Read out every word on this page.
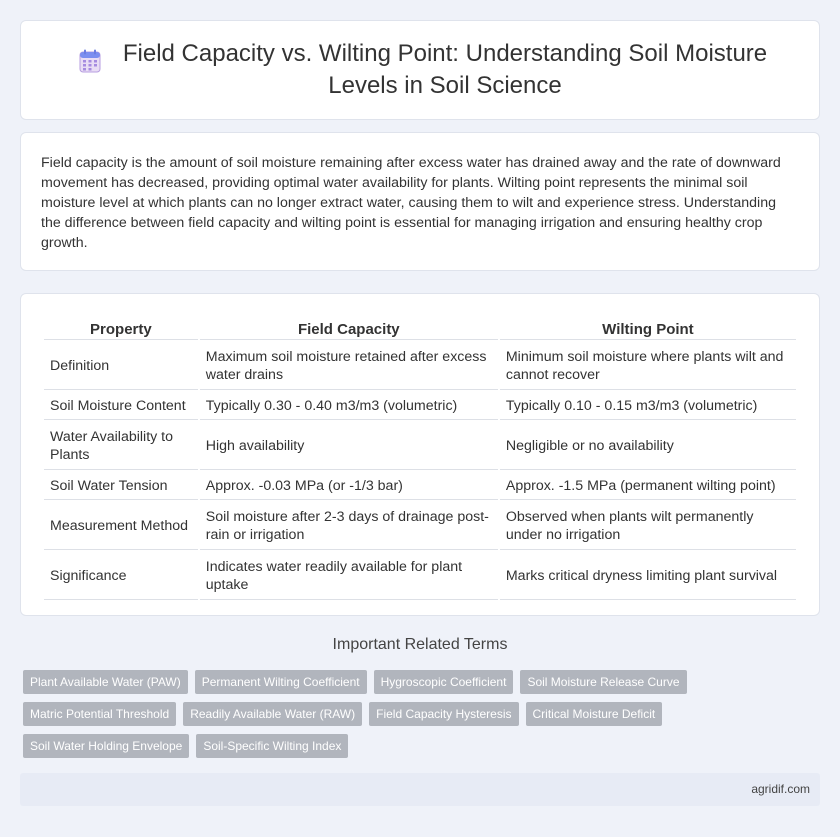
Field Capacity vs. Wilting Point: Understanding Soil Moisture Levels in Soil Science

Field capacity is the amount of soil moisture remaining after excess water has drained away and the rate of downward movement has decreased, providing optimal water availability for plants. Wilting point represents the minimal soil moisture level at which plants can no longer extract water, causing them to wilt and experience stress. Understanding the difference between field capacity and wilting point is essential for managing irrigation and ensuring healthy crop growth.

Property	Field Capacity	Wilting Point
Definition	Maximum soil moisture retained after excess water drains	Minimum soil moisture where plants wilt and cannot recover
Soil Moisture Content	Typically 0.30 - 0.40 m3/m3 (volumetric)	Typically 0.10 - 0.15 m3/m3 (volumetric)
Water Availability to Plants	High availability	Negligible or no availability
Soil Water Tension	Approx. -0.03 MPa (or -1/3 bar)	Approx. -1.5 MPa (permanent wilting point)
Measurement Method	Soil moisture after 2-3 days of drainage post-rain or irrigation	Observed when plants wilt permanently under no irrigation
Significance	Indicates water readily available for plant uptake	Marks critical dryness limiting plant survival
Important Related Terms
Plant Available Water (PAW)	Permanent Wilting Coefficient	Hygroscopic Coefficient	Soil Moisture Release Curve
Matric Potential Threshold	Readily Available Water (RAW)	Field Capacity Hysteresis	Critical Moisture Deficit
Soil Water Holding Envelope	Soil-Specific Wilting Index
agridif.com
